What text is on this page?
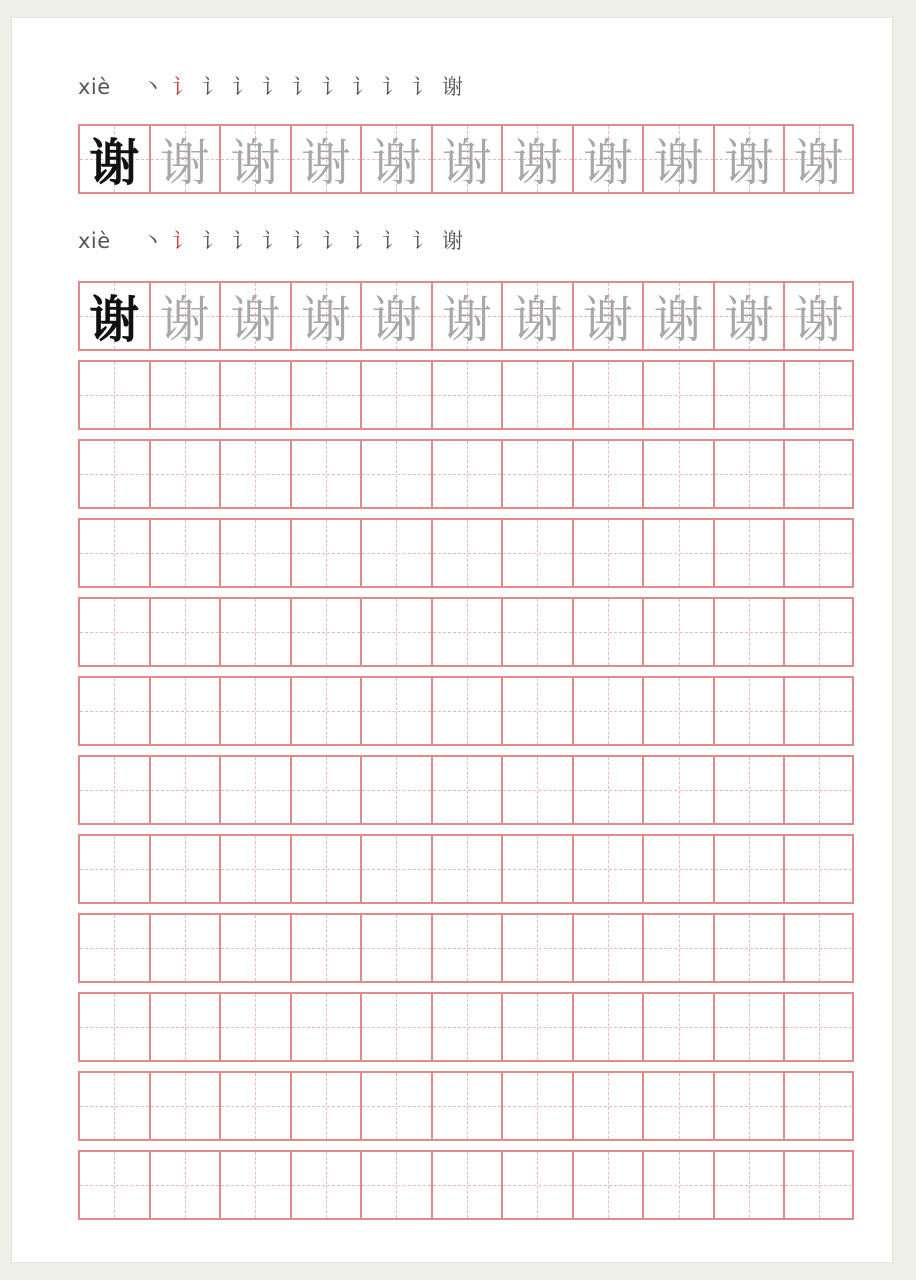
xiè	丶 讠 讠 讠 讠 讠 讠 讠 讠 讠 谢
谢 谢 谢 谢 谢 谢 谢 谢 谢 谢 谢
xiè	丶 讠 讠 讠 讠 讠 讠 讠 讠 讠 谢
谢 谢 谢 谢 谢 谢 谢 谢 谢 谢 谢
